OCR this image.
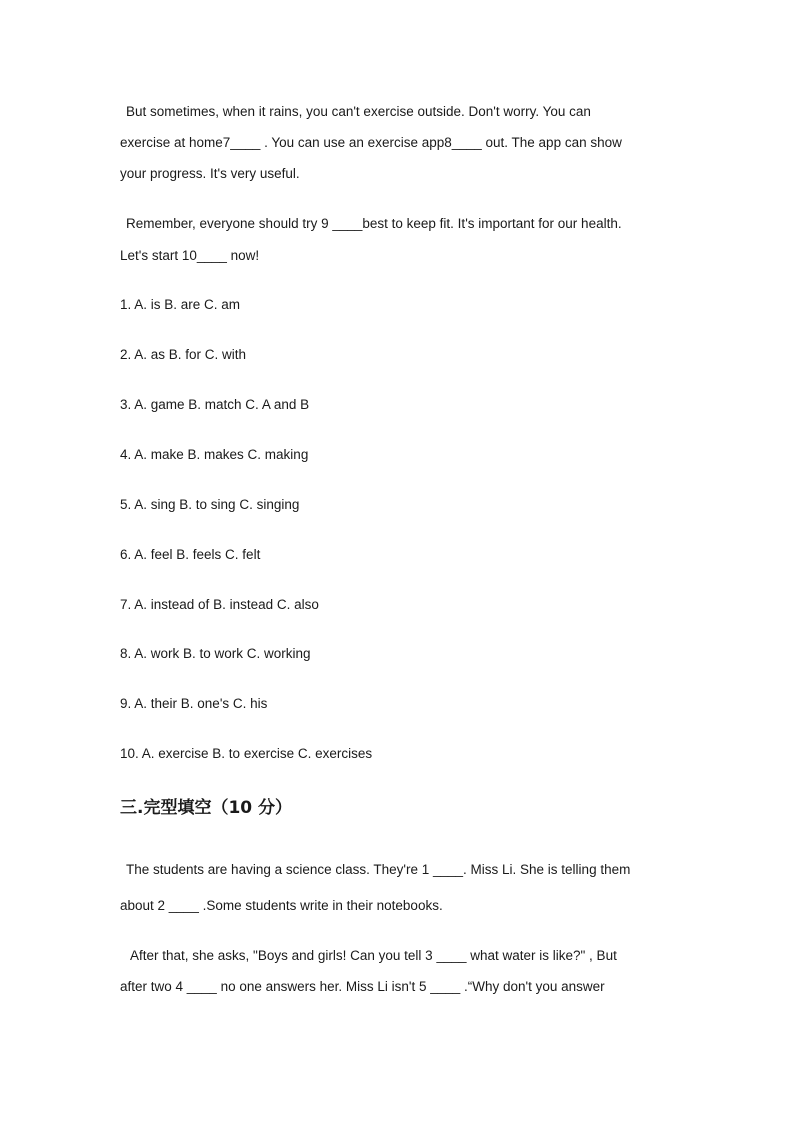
But sometimes, when it rains, you can't exercise outside. Don't worry. You can
exercise at home7____ . You can use an exercise app8____ out. The app can show
your progress. It's very useful.
Remember, everyone should try 9 ____best to keep fit. It's important for our health.
Let's start 10____ now!
1. A. is B. are C. am
2. A. as B. for C. with
3. A. game B. match C. A and B
4. A. make B. makes C. making
5. A. sing B. to sing C. singing
6. A. feel B. feels C. felt
7. A. instead of B. instead C. also
8. A. work B. to work C. working
9. A. their B. one's C. his
10. A. exercise B. to exercise C. exercises
三.完型填空（10 分）
The students are having a science class. They're 1 ____. Miss Li. She is telling them
about 2 ____ .Some students write in their notebooks.
After that, she asks, "Boys and girls! Can you tell 3 ____ what water is like?" , But
after two 4 ____ no one answers her. Miss Li isn't 5 ____ .“Why don't you answer
